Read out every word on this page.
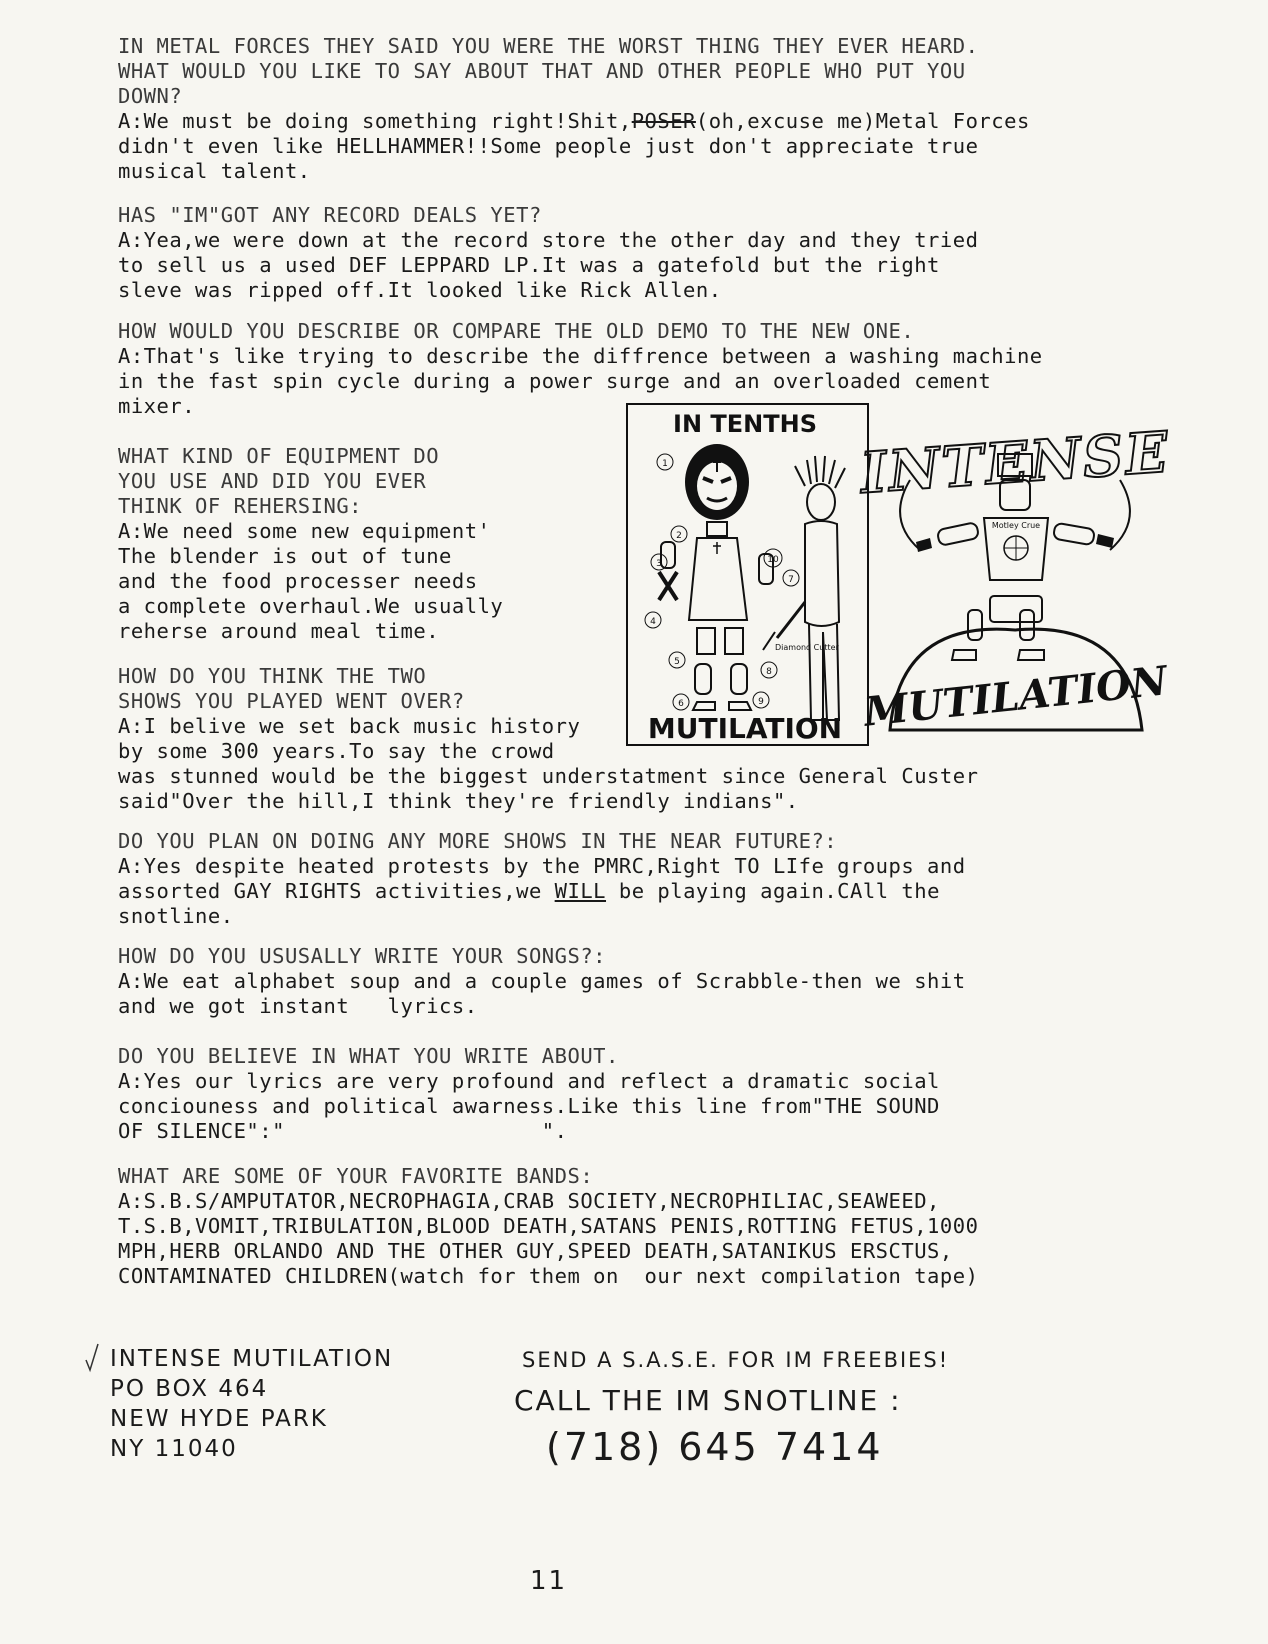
IN METAL FORCES THEY SAID YOU WERE THE WORST THING THEY EVER HEARD.
WHAT WOULD YOU LIKE TO SAY ABOUT THAT AND OTHER PEOPLE WHO PUT YOU
DOWN?
A:We must be doing something right!Shit,POSER(oh,excuse me)Metal Forces
didn't even like HELLHAMMER!!Some people just don't appreciate true
musical talent.
HAS "IM"GOT ANY RECORD DEALS YET?
A:Yea,we were down at the record store the other day and they tried
to sell us a used DEF LEPPARD LP.It was a gatefold but the right
sleve was ripped off.It looked like Rick Allen.
HOW WOULD YOU DESCRIBE OR COMPARE THE OLD DEMO TO THE NEW ONE.
A:That's like trying to describe the diffrence between a washing machine
in the fast spin cycle during a power surge and an overloaded cement
mixer.
WHAT KIND OF EQUIPMENT DO
YOU USE AND DID YOU EVER
THINK OF REHERSING:
A:We need some new equipment'
The blender is out of tune
and the food processer needs
a complete overhaul.We usually
reherse around meal time.
HOW DO YOU THINK THE TWO
SHOWS YOU PLAYED WENT OVER?
A:I belive we set back music history
by some 300 years.To say the crowd
was stunned would be the biggest understatment since General Custer
said"Over the hill,I think they're friendly indians".
DO YOU PLAN ON DOING ANY MORE SHOWS IN THE NEAR FUTURE?:
A:Yes despite heated protests by the PMRC,Right TO LIfe groups and
assorted GAY RIGHTS activities,we WILL be playing again.CAll the
snotline.
HOW DO YOU USUSALLY WRITE YOUR SONGS?:
A:We eat alphabet soup and a couple games of Scrabble-then we shit
and we got instant   lyrics.
DO YOU BELIEVE IN WHAT YOU WRITE ABOUT.
A:Yes our lyrics are very profound and reflect a dramatic social
conciouness and political awarness.Like this line from"THE SOUND
OF SILENCE":"                    ".
WHAT ARE SOME OF YOUR FAVORITE BANDS:
A:S.B.S/AMPUTATOR,NECROPHAGIA,CRAB SOCIETY,NECROPHILIAC,SEAWEED,
T.S.B,VOMIT,TRIBULATION,BLOOD DEATH,SATANS PENIS,ROTTING FETUS,1000
MPH,HERB ORLANDO AND THE OTHER GUY,SPEED DEATH,SATANIKUS ERSCTUS,
CONTAMINATED CHILDREN(watch for them on  our next compilation tape)
IN TENTHS
MUTILATION
Diamond Cutter
1
2
3
4
5
6
7
8
9
10
INTENSE
Motley Crue
MUTILATION
INTENSE MUTILATION
PO BOX 464
NEW HYDE PARK
NY 11040
SEND A S.A.S.E. FOR IM FREEBIES!
CALL THE IM SNOTLINE :
(718) 645 7414
11
